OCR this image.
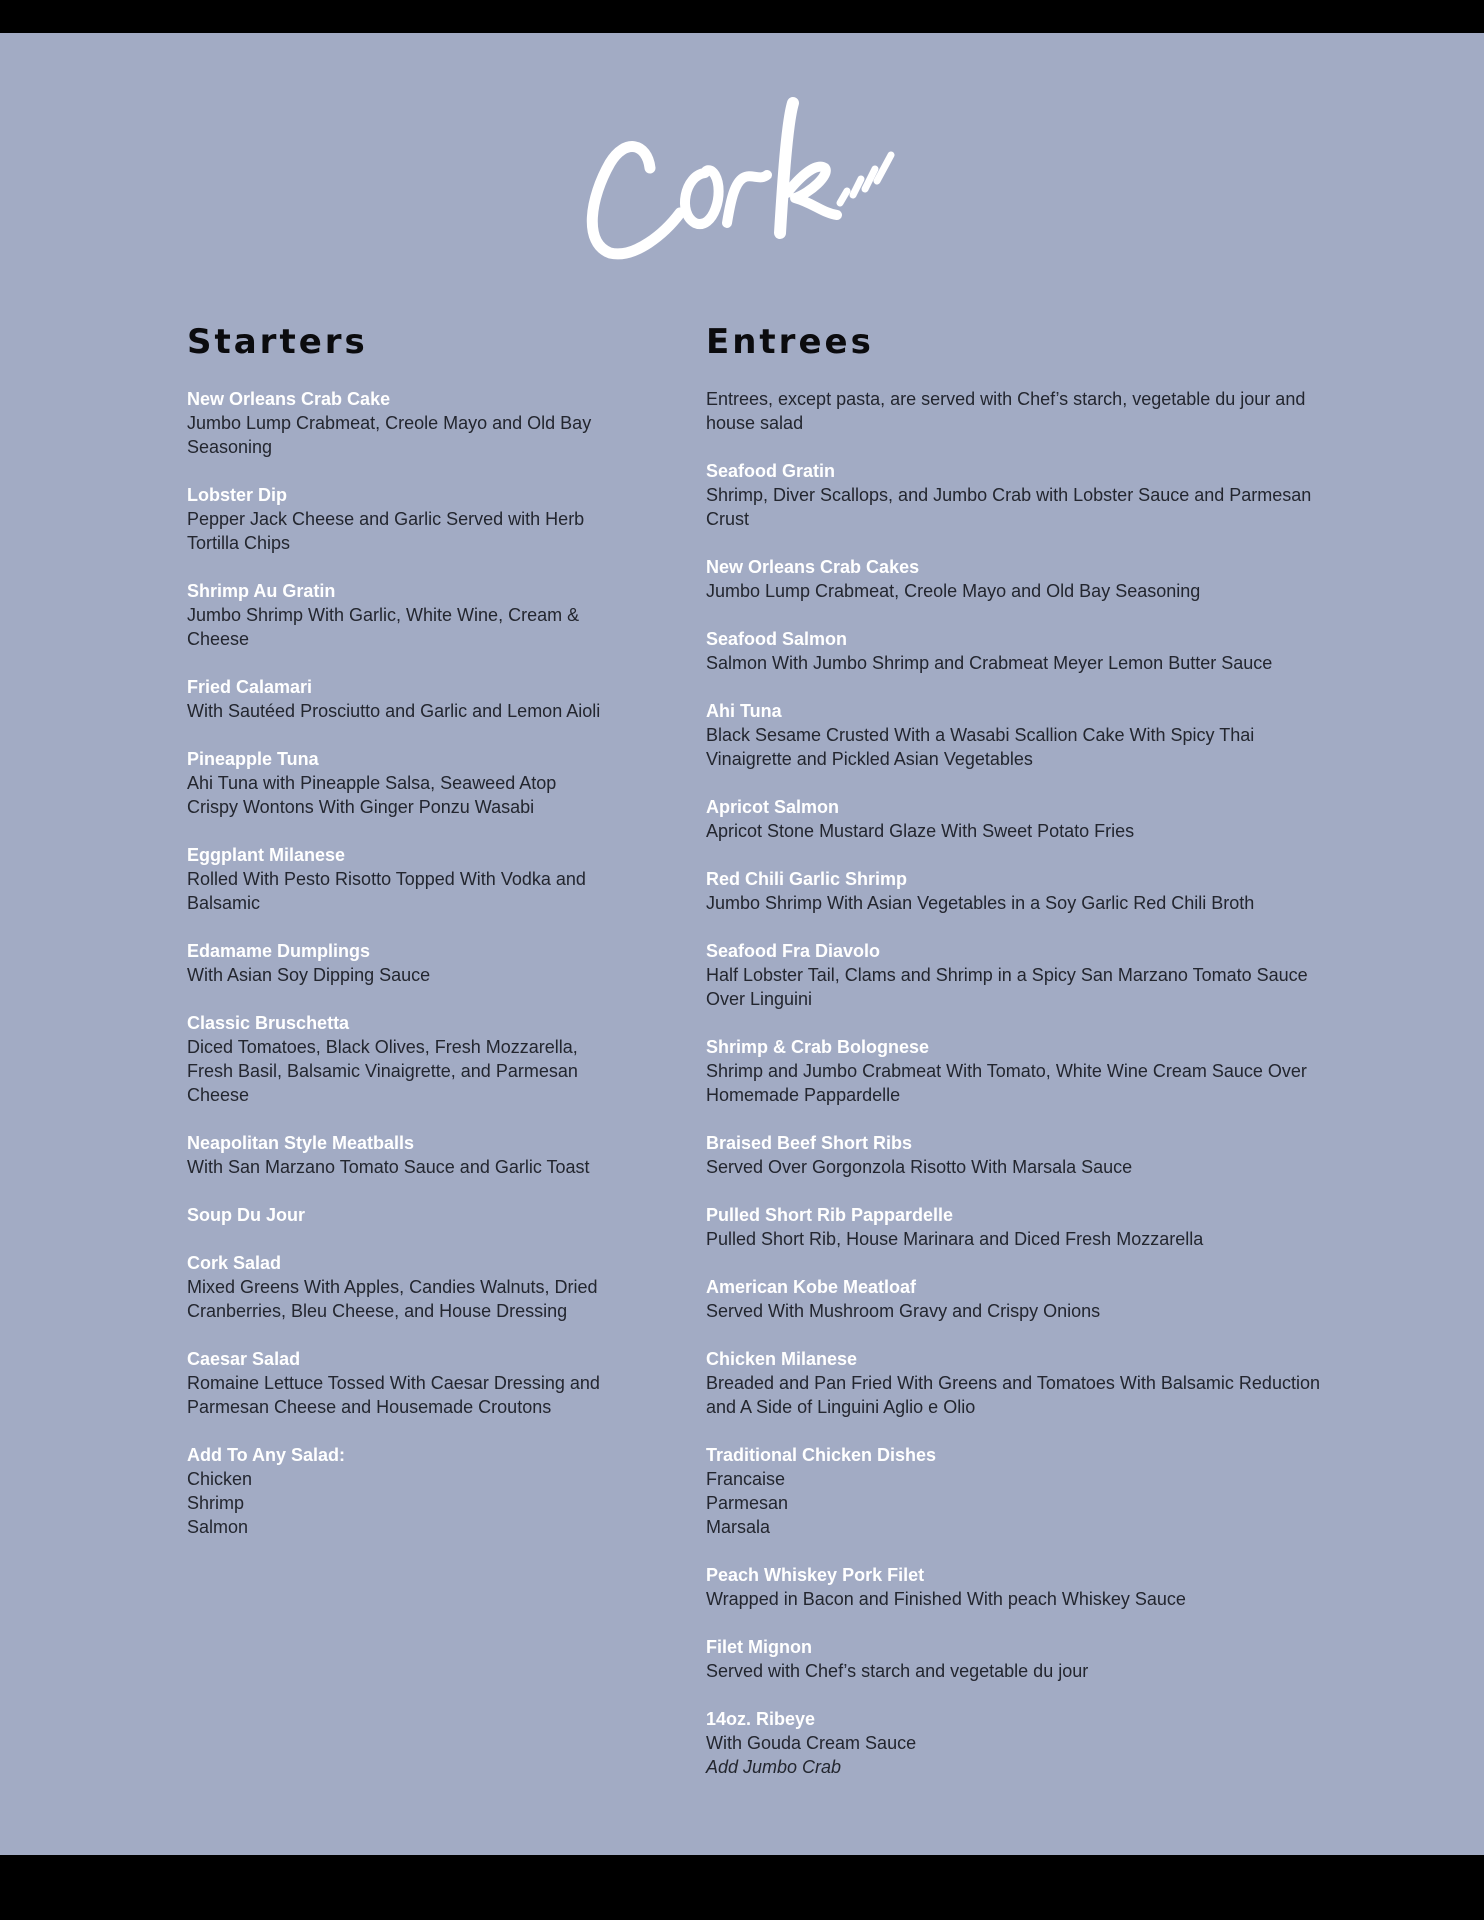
Starters
New Orleans Crab Cake
Jumbo Lump Crabmeat, Creole Mayo and Old Bay Seasoning
Lobster Dip
Pepper Jack Cheese and Garlic Served with Herb Tortilla Chips
Shrimp Au Gratin
Jumbo Shrimp With Garlic, White Wine, Cream & Cheese
Fried Calamari
With Sautéed Prosciutto and Garlic and Lemon Aioli
Pineapple Tuna
Ahi Tuna with Pineapple Salsa, Seaweed Atop Crispy Wontons With Ginger Ponzu Wasabi
Eggplant Milanese
Rolled With Pesto Risotto Topped With Vodka and Balsamic
Edamame Dumplings
With Asian Soy Dipping Sauce
Classic Bruschetta
Diced Tomatoes, Black Olives, Fresh Mozzarella, Fresh Basil, Balsamic Vinaigrette, and Parmesan Cheese
Neapolitan Style Meatballs
With San Marzano Tomato Sauce and Garlic Toast
Soup Du Jour
Cork Salad
Mixed Greens With Apples, Candies Walnuts, Dried Cranberries, Bleu Cheese, and House Dressing
Caesar Salad
Romaine Lettuce Tossed With Caesar Dressing and Parmesan Cheese and Housemade Croutons
Add To Any Salad:
Chicken
Shrimp
Salmon
Entrees
Entrees, except pasta, are served with Chef’s starch, vegetable du jour and house salad
Seafood Gratin
Shrimp, Diver Scallops, and Jumbo Crab with Lobster Sauce and Parmesan Crust
New Orleans Crab Cakes
Jumbo Lump Crabmeat, Creole Mayo and Old Bay Seasoning
Seafood Salmon
Salmon With Jumbo Shrimp and Crabmeat Meyer Lemon Butter Sauce
Ahi Tuna
Black Sesame Crusted With a Wasabi Scallion Cake With Spicy Thai Vinaigrette and Pickled Asian Vegetables
Apricot Salmon
Apricot Stone Mustard Glaze With Sweet Potato Fries
Red Chili Garlic Shrimp
Jumbo Shrimp With Asian Vegetables in a Soy Garlic Red Chili Broth
Seafood Fra Diavolo
Half Lobster Tail, Clams and Shrimp in a Spicy San Marzano Tomato Sauce Over Linguini
Shrimp & Crab Bolognese
Shrimp and Jumbo Crabmeat With Tomato, White Wine Cream Sauce Over Homemade Pappardelle
Braised Beef Short Ribs
Served Over Gorgonzola Risotto With Marsala Sauce
Pulled Short Rib Pappardelle
Pulled Short Rib, House Marinara and Diced Fresh Mozzarella
American Kobe Meatloaf
Served With Mushroom Gravy and Crispy Onions
Chicken Milanese
Breaded and Pan Fried With Greens and Tomatoes With Balsamic Reduction and A Side of Linguini Aglio e Olio
Traditional Chicken Dishes
Francaise
Parmesan
Marsala
Peach Whiskey Pork Filet
Wrapped in Bacon and Finished With peach Whiskey Sauce
Filet Mignon
Served with Chef’s starch and vegetable du jour
14oz. Ribeye
With Gouda Cream Sauce
Add Jumbo Crab
